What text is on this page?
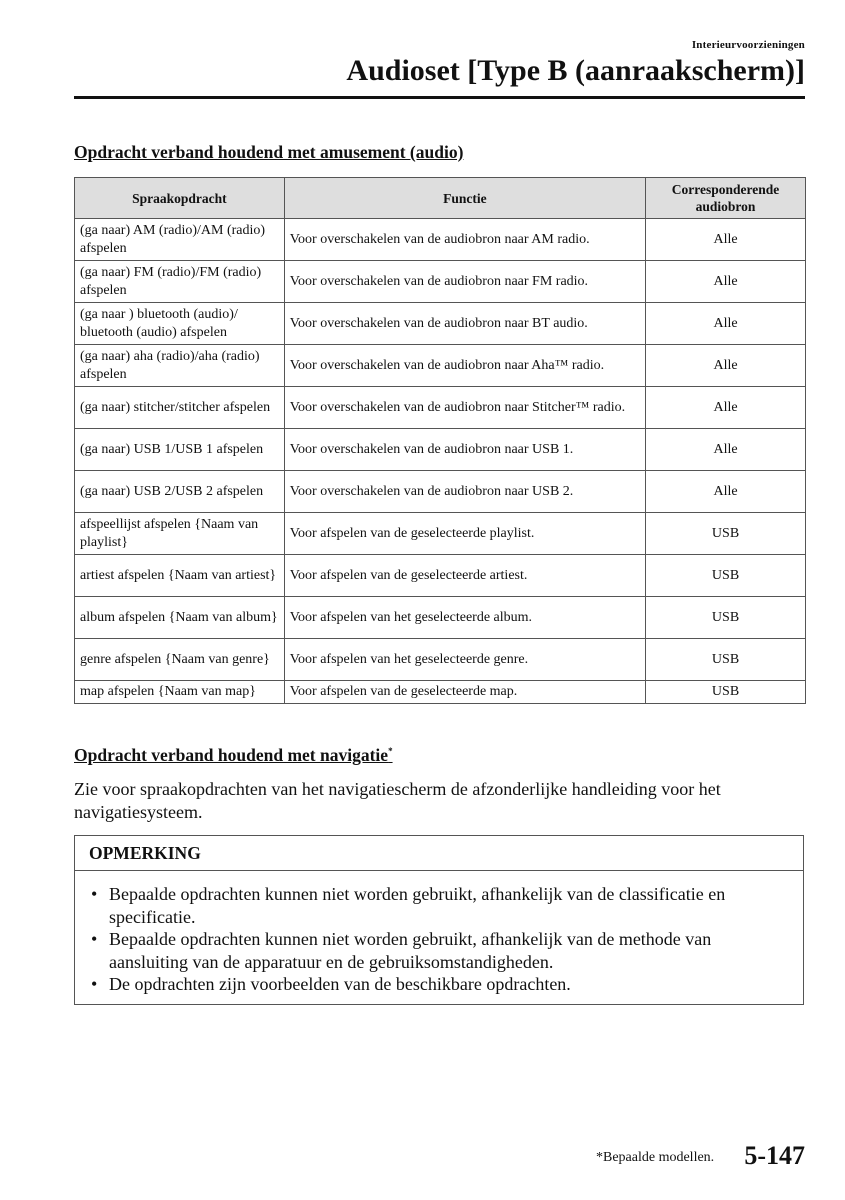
Interieurvoorzieningen
Audioset [Type B (aanraakscherm)]
Opdracht verband houdend met amusement (audio)
Spraakopdracht	Functie	Corresponderende audiobron
(ga naar) AM (radio)/AM (radio) afspelen	Voor overschakelen van de audiobron naar AM radio.	Alle
(ga naar) FM (radio)/FM (radio) afspelen	Voor overschakelen van de audiobron naar FM radio.	Alle
(ga naar ) bluetooth (audio)/ bluetooth (audio) afspelen	Voor overschakelen van de audiobron naar BT audio.	Alle
(ga naar) aha (radio)/aha (radio) afspelen	Voor overschakelen van de audiobron naar Aha™ radio.	Alle
(ga naar) stitcher/stitcher afspelen	Voor overschakelen van de audiobron naar Stitcher™ radio.	Alle
(ga naar) USB 1/USB 1 afspelen	Voor overschakelen van de audiobron naar USB 1.	Alle
(ga naar) USB 2/USB 2 afspelen	Voor overschakelen van de audiobron naar USB 2.	Alle
afspeellijst afspelen {Naam van playlist}	Voor afspelen van de geselecteerde playlist.	USB
artiest afspelen {Naam van artiest}	Voor afspelen van de geselecteerde artiest.	USB
album afspelen {Naam van album}	Voor afspelen van het geselecteerde album.	USB
genre afspelen {Naam van genre}	Voor afspelen van het geselecteerde genre.	USB
map afspelen {Naam van map}	Voor afspelen van de geselecteerde map.	USB
Opdracht verband houdend met navigatie*
Zie voor spraakopdrachten van het navigatiescherm de afzonderlijke handleiding voor het navigatiesysteem.
OPMERKING
• Bepaalde opdrachten kunnen niet worden gebruikt, afhankelijk van de classificatie en specificatie.
• Bepaalde opdrachten kunnen niet worden gebruikt, afhankelijk van de methode van aansluiting van de apparatuur en de gebruiksomstandigheden.
• De opdrachten zijn voorbeelden van de beschikbare opdrachten.
*Bepaalde modellen. 5-147
